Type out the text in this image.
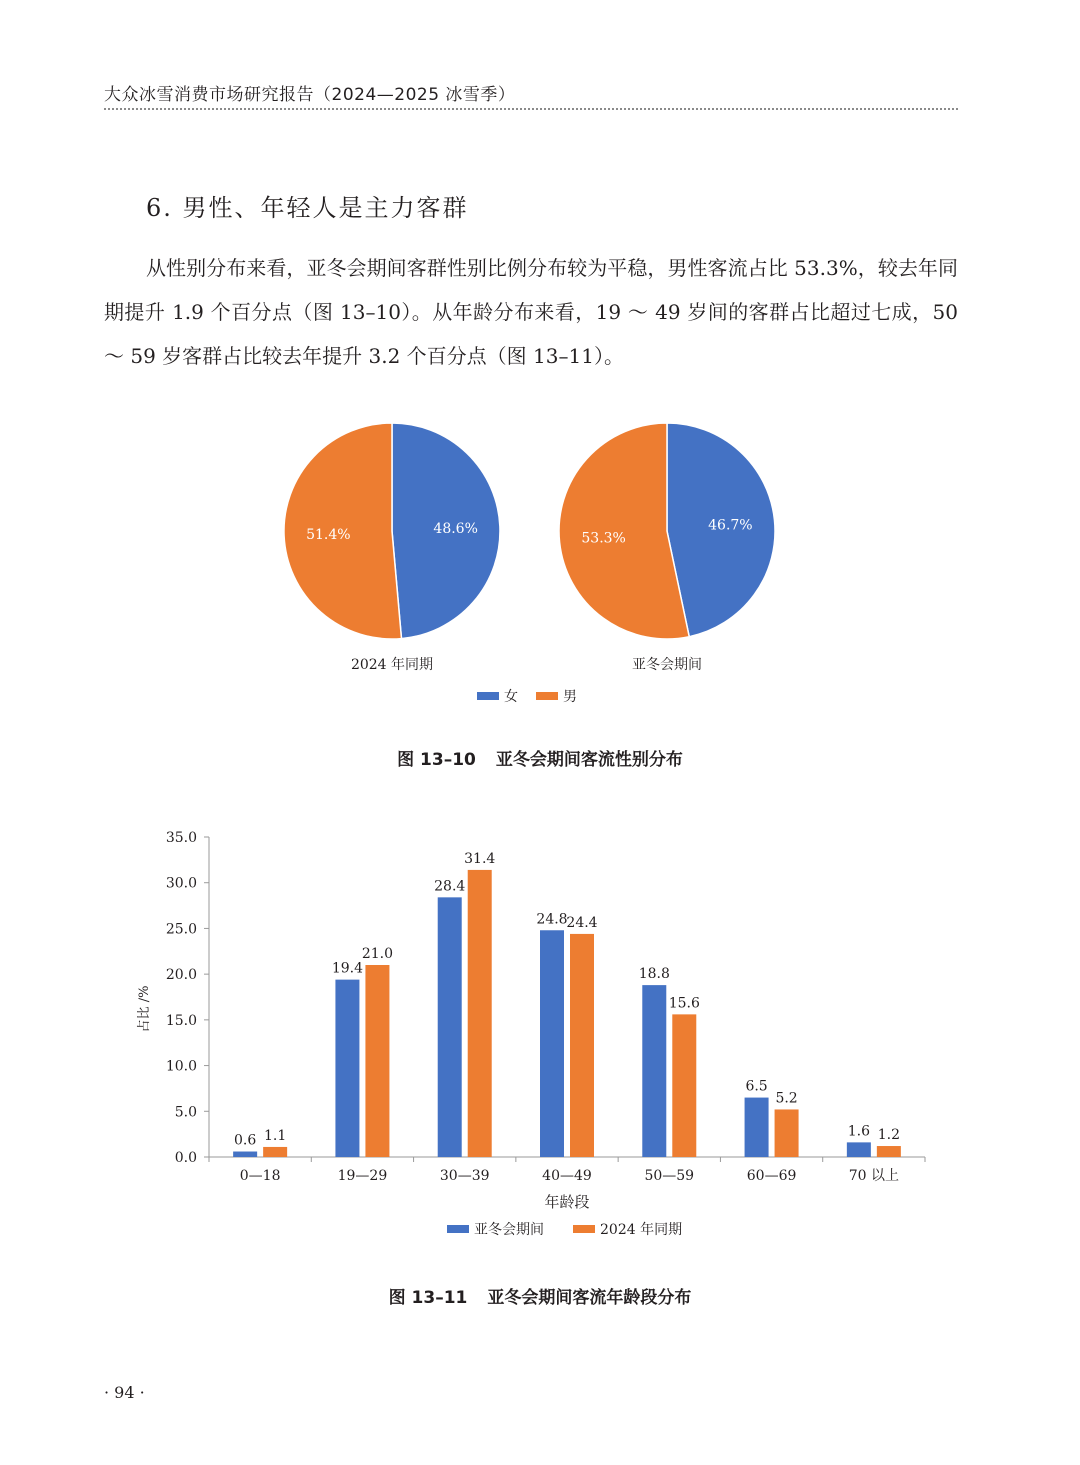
大众冰雪消费市场研究报告（2024—2025 冰雪季）
6. 男性、年轻人是主力客群

从性别分布来看，亚冬会期间客群性别比例分布较为平稳，男性客流占比 53.3%，较去年同期提升 1.9 个百分点（图 13–10）。从年龄分布来看，19 ～ 49 岁间的客群占比超过七成，50 ～ 59 岁客群占比较去年提升 3.2 个百分点（图 13–11）。

48.6%
51.4%
2024 年同期
46.7%
53.3%
亚冬会期间
女	男
图 13–10 亚冬会期间客流性别分布
0.0
5.0
10.0
15.0
20.0
25.0
30.0
35.0
0—18
0.6 1.1
19—29
19.4
21.0
30—39
28.4
31.4
40—49
24.8
24.4
50—59
18.8
15.6
60—69
6.5
5.2
70 以上
1.6 1.2
年龄段
占比 /%
亚冬会期间	2024 年同期
图 13–11 亚冬会期间客流年龄段分布
· 94 ·
